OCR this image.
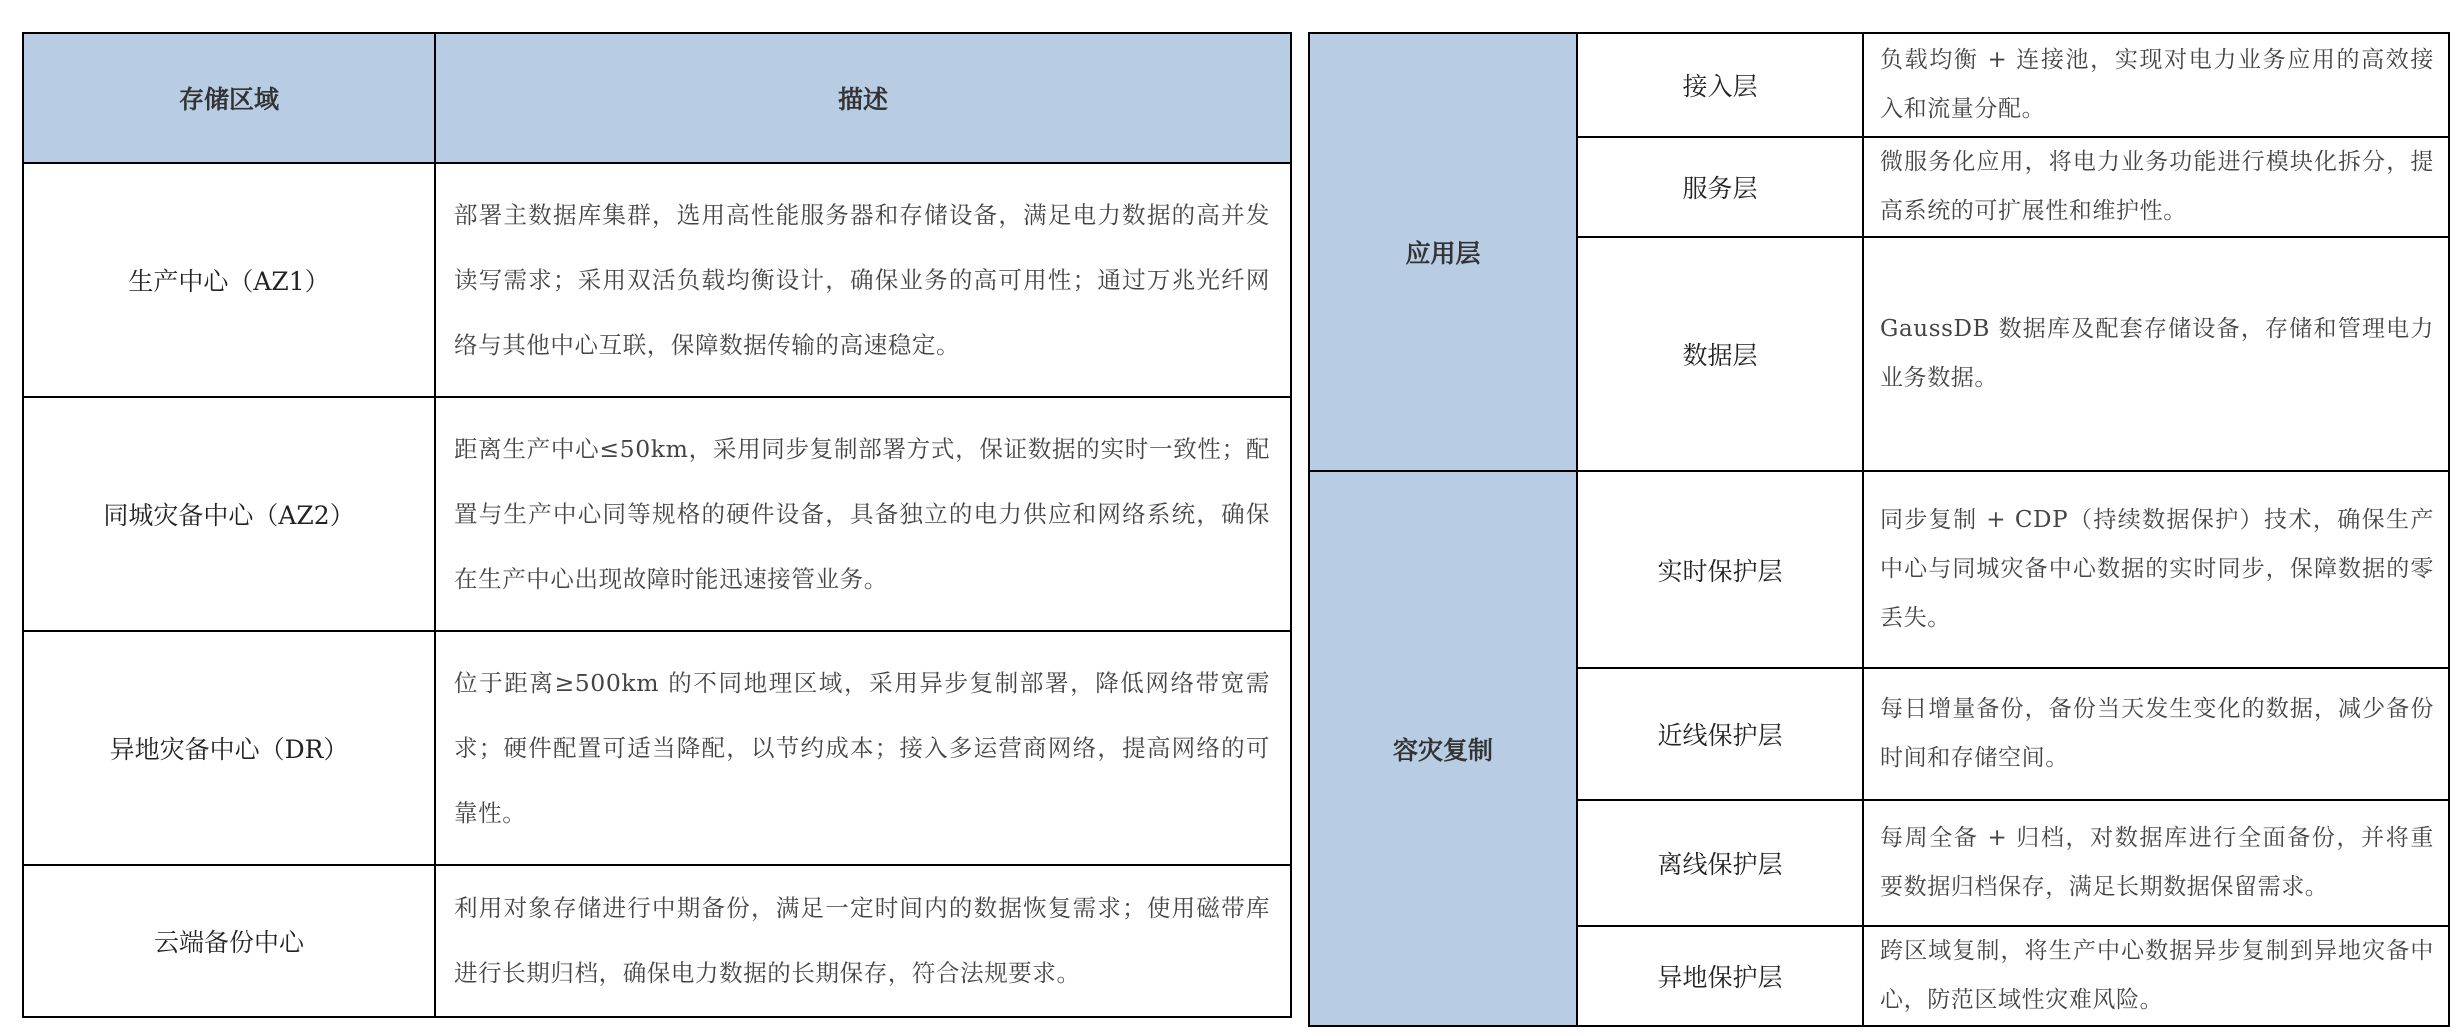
存储区域	描述
生产中心（AZ1）	部署主数据库集群，选用高性能服务器和存储设备，满足电力数据的高并发读写需求；采用双活负载均衡设计，确保业务的高可用性；通过万兆光纤网络与其他中心互联，保障数据传输的高速稳定。
同城灾备中心（AZ2）	距离生产中心≤50km，采用同步复制部署方式，保证数据的实时一致性；配置与生产中心同等规格的硬件设备，具备独立的电力供应和网络系统，确保在生产中心出现故障时能迅速接管业务。
异地灾备中心（DR）	位于距离≥500km 的不同地理区域，采用异步复制部署，降低网络带宽需求；硬件配置可适当降配，以节约成本；接入多运营商网络，提高网络的可靠性。
云端备份中心	利用对象存储进行中期备份，满足一定时间内的数据恢复需求；使用磁带库进行长期归档，确保电力数据的长期保存，符合法规要求。
应用层	接入层	负载均衡 + 连接池，实现对电力业务应用的高效接入和流量分配。
	服务层	微服务化应用，将电力业务功能进行模块化拆分，提高系统的可扩展性和维护性。
	数据层	GaussDB 数据库及配套存储设备，存储和管理电力业务数据。
容灾复制	实时保护层	同步复制 + CDP（持续数据保护）技术，确保生产中心与同城灾备中心数据的实时同步，保障数据的零丢失。
	近线保护层	每日增量备份，备份当天发生变化的数据，减少备份时间和存储空间。
	离线保护层	每周全备 + 归档，对数据库进行全面备份，并将重要数据归档保存，满足长期数据保留需求。
	异地保护层	跨区域复制，将生产中心数据异步复制到异地灾备中心，防范区域性灾难风险。
